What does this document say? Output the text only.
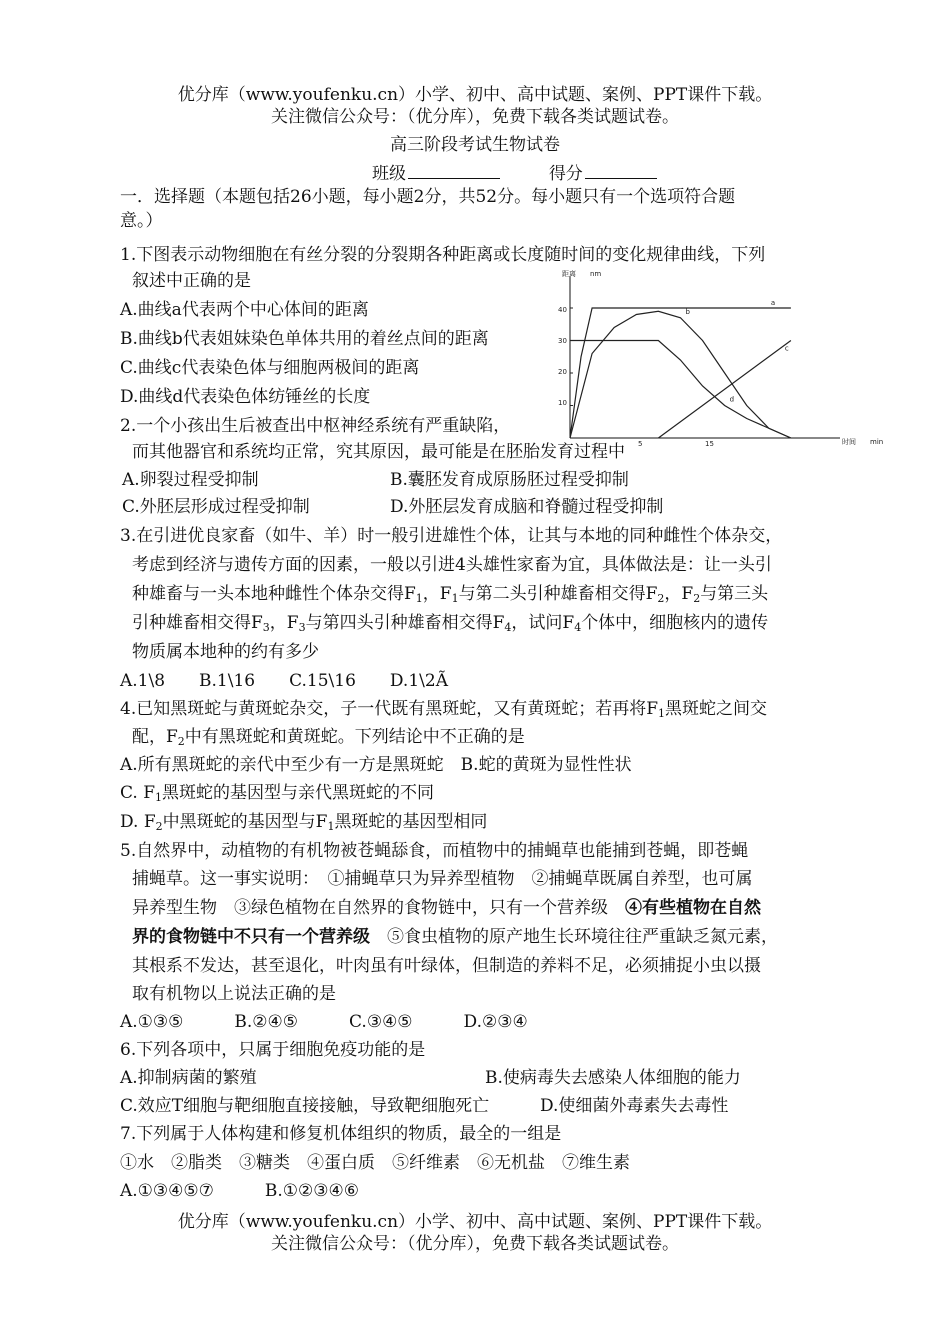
优分库（www.youfenku.cn）小学、初中、高中试题、案例、PPT课件下载。
关注微信公众号：（优分库），免费下载各类试题试卷。
高三阶段考试生物试卷
班级	得分
一．选择题（本题包括26小题，每小题2分，共52分。每小题只有一个选项符合题
意。）
1.下图表示动物细胞在有丝分裂的分裂期各种距离或长度随时间的变化规律曲线，下列
叙述中正确的是
A.曲线a代表两个中心体间的距离
B.曲线b代表姐妹染色单体共用的着丝点间的距离
C.曲线c代表染色体与细胞两极间的距离
D.曲线d代表染色体纺锤丝的长度
距离 nm
时间 min
10
20
30
40
5	15
a
b
c
d
2.一个小孩出生后被查出中枢神经系统有严重缺陷，
而其他器官和系统均正常，究其原因，最可能是在胚胎发育过程中
A.卵裂过程受抑制	B.囊胚发育成原肠胚过程受抑制
C.外胚层形成过程受抑制	D.外胚层发育成脑和脊髓过程受抑制
3.在引进优良家畜（如牛、羊）时一般引进雄性个体，让其与本地的同种雌性个体杂交，
考虑到经济与遗传方面的因素，一般以引进4头雄性家畜为宜，具体做法是：让一头引
种雄畜与一头本地种雌性个体杂交得$F_1$，$F_1$与第二头引种雄畜相交得$F_2$，$F_2$与第三头
引种雄畜相交得$F_3$，$F_3$与第四头引种雄畜相交得$F_4$，试问$F_4$个体中，细胞核内的遗传
物质属本地种的约有多少
A.1\8　　B.1\16　　C.15\16　　D.1\2Ã
4.已知黑斑蛇与黄斑蛇杂交，子一代既有黑斑蛇，又有黄斑蛇；若再将$F_1$黑斑蛇之间交
配，$F_2$中有黑斑蛇和黄斑蛇。下列结论中不正确的是
A.所有黑斑蛇的亲代中至少有一方是黑斑蛇　B.蛇的黄斑为显性性状
C. $F_1$黑斑蛇的基因型与亲代黑斑蛇的不同
D. $F_2$中黑斑蛇的基因型与$F_1$黑斑蛇的基因型相同
5.自然界中，动植物的有机物被苍蝇舔食，而植物中的捕蝇草也能捕到苍蝇，即苍蝇
捕蝇草。这一事实说明：　①捕蝇草只为异养型植物　②捕蝇草既属自养型，也可属
异养型生物　③绿色植物在自然界的食物链中，只有一个营养级　④有些植物在自然
界的食物链中不只有一个营养级　⑤食虫植物的原产地生长环境往往严重缺乏氮元素，
其根系不发达，甚至退化，叶肉虽有叶绿体，但制造的养料不足，必须捕捉小虫以摄
取有机物以上说法正确的是
A.①③⑤　　　B.②④⑤　　　C.③④⑤　　　D.②③④
6.下列各项中，只属于细胞免疫功能的是
A.抑制病菌的繁殖	B.使病毒失去感染人体细胞的能力
C.效应T细胞与靶细胞直接接触，导致靶细胞死亡	D.使细菌外毒素失去毒性
7.下列属于人体构建和修复机体组织的物质，最全的一组是
①水　②脂类　③糖类　④蛋白质　⑤纤维素　⑥无机盐　⑦维生素
A.①③④⑤⑦　　　B.①②③④⑥
优分库（www.youfenku.cn）小学、初中、高中试题、案例、PPT课件下载。
关注微信公众号：（优分库），免费下载各类试题试卷。
